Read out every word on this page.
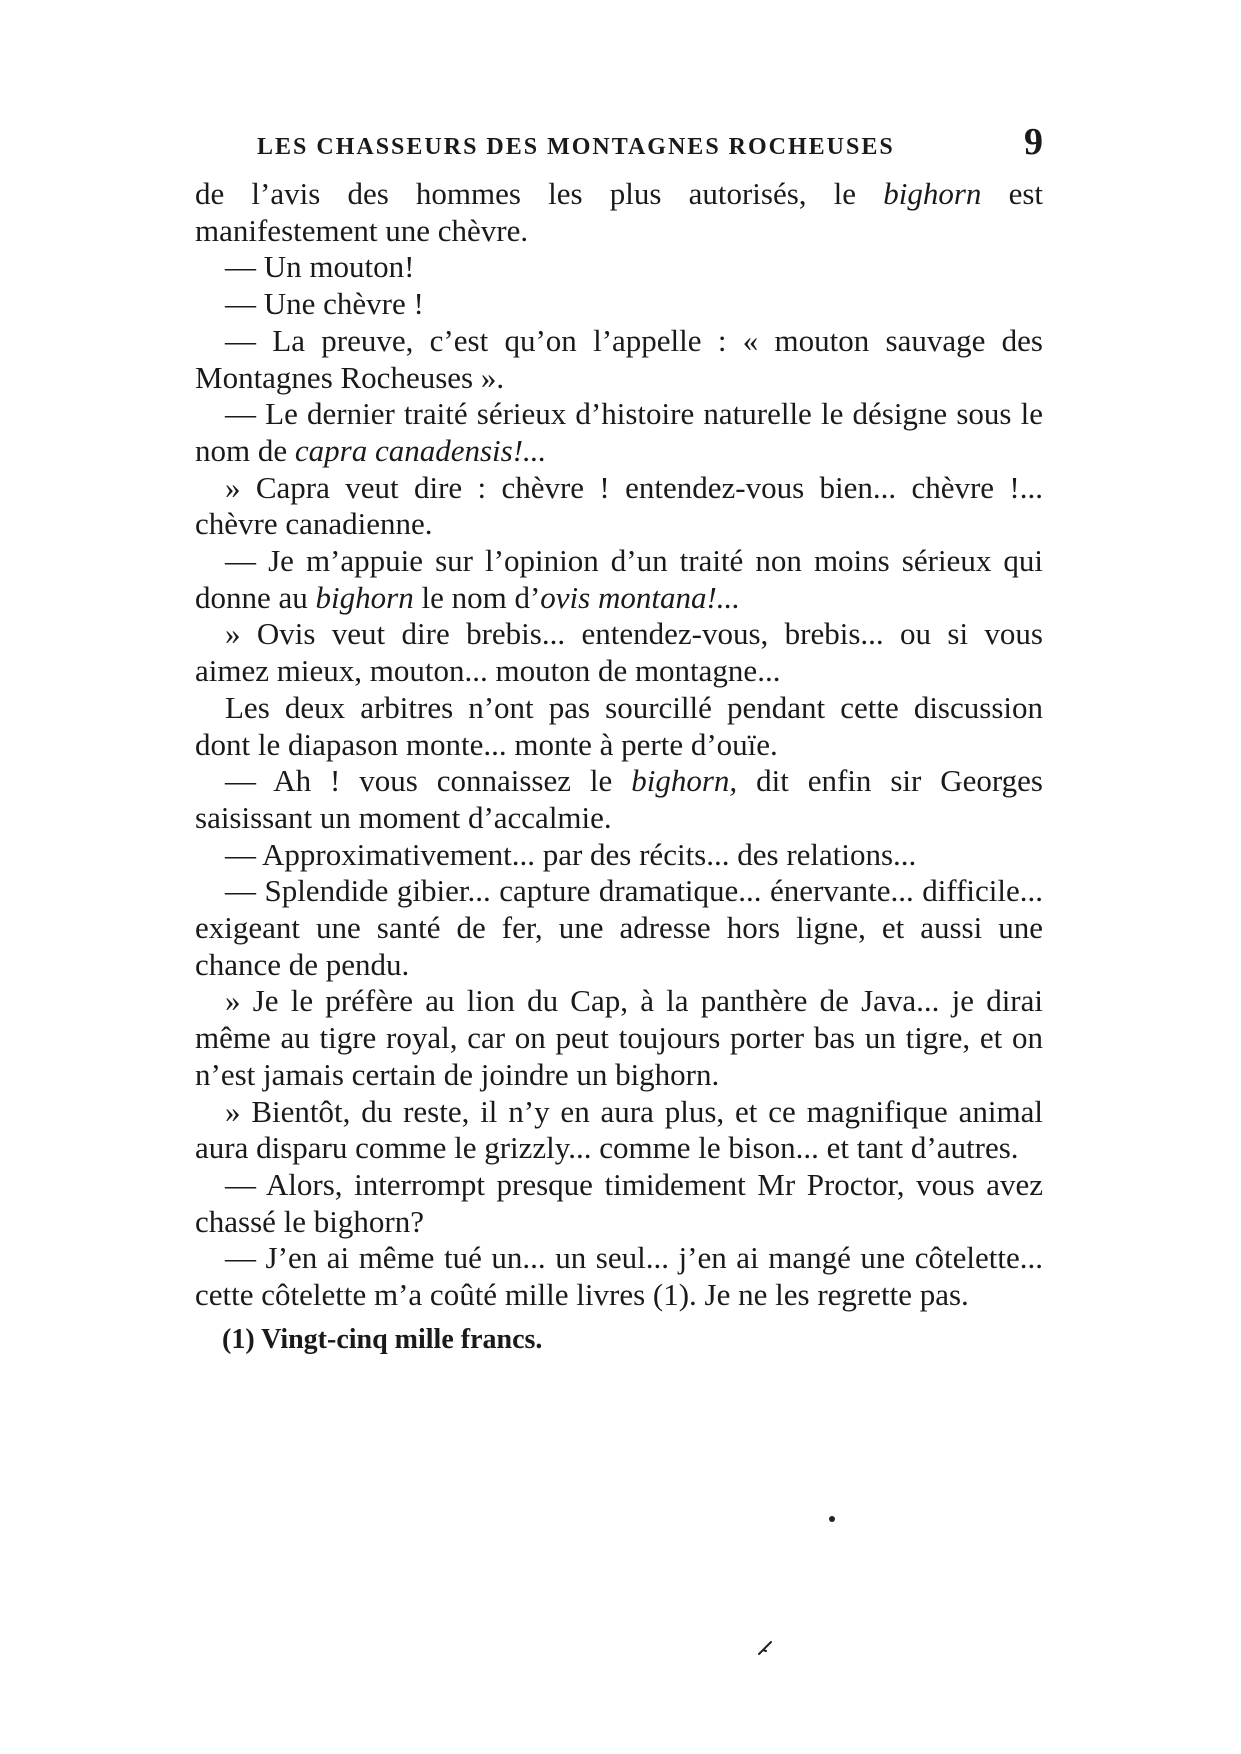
LES CHASSEURS DES MONTAGNES ROCHEUSES	9

de l’avis des hommes les plus autorisés, le bighorn est manifestement une chèvre.

— Un mouton!

— Une chèvre !

— La preuve, c’est qu’on l’appelle : « mouton sauvage des Montagnes Rocheuses ».

— Le dernier traité sérieux d’histoire naturelle le désigne sous le nom de capra canadensis!...

» Capra veut dire : chèvre ! entendez-vous bien... chèvre !... chèvre canadienne.

— Je m’appuie sur l’opinion d’un traité non moins sérieux qui donne au bighorn le nom d’ovis montana!...

» Ovis veut dire brebis... entendez-vous, brebis... ou si vous aimez mieux, mouton... mouton de montagne...

Les deux arbitres n’ont pas sourcillé pendant cette discussion dont le diapason monte... monte à perte d’ouïe.

— Ah ! vous connaissez le bighorn, dit enfin sir Georges saisissant un moment d’accalmie.

— Approximativement... par des récits... des relations...

— Splendide gibier... capture dramatique... énervante... difficile... exigeant une santé de fer, une adresse hors ligne, et aussi une chance de pendu.

» Je le préfère au lion du Cap, à la panthère de Java... je dirai même au tigre royal, car on peut toujours porter bas un tigre, et on n’est jamais certain de joindre un bighorn.

» Bientôt, du reste, il n’y en aura plus, et ce magnifique animal aura disparu comme le grizzly... comme le bison... et tant d’autres.

— Alors, interrompt presque timidement Mr Proctor, vous avez chassé le bighorn?

— J’en ai même tué un... un seul... j’en ai mangé une côtelette... cette côtelette m’a coûté mille livres (1). Je ne les regrette pas.

(1) Vingt-cinq mille francs.
